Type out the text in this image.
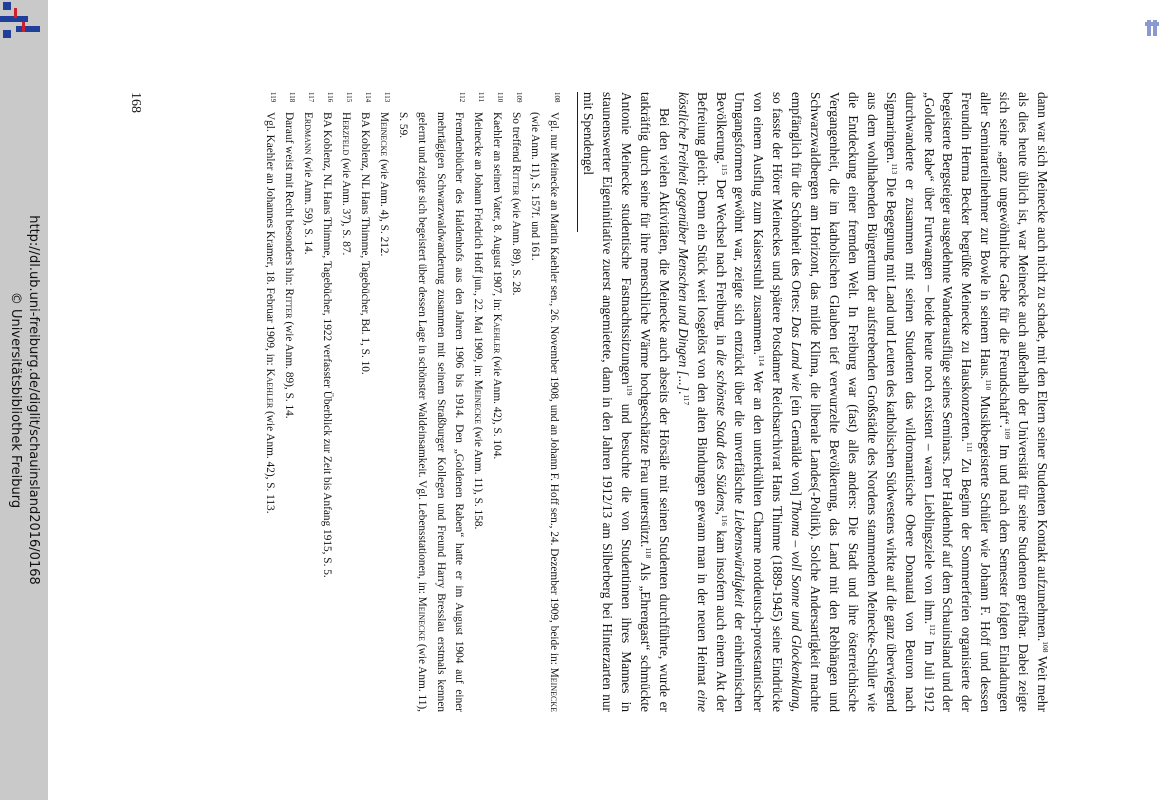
http://dl.ub.uni-freiburg.de/diglit/schauinsland2016/0168
© Universitätsbibliothek Freiburg	dann war sich Meinecke auch nicht zu schade, mit den Eltern seiner Studenten Kontakt aufzunehmen.$^{108}$ Weit mehr als dies heute üblich ist, war Meinecke auch außerhalb der Universität für seine Studenten greifbar. Dabei zeigte sich seine „ganz ungewöhnliche Gabe für die Freundschaft“.$^{109}$ Im und nach dem Semester folgten Einladungen aller Seminarteilnehmer zur Bowle in seinem Haus.$^{110}$ Musikbegeisterte Schüler wie Johann F. Hoff und dessen Freundin Herma Becker begrüßte Meinecke zu Hauskonzerten.$^{111}$ Zu Beginn der Sommerferien organisierte der begeisterte Bergsteiger ausgedehnte Wanderausflüge seines Seminars. Der Haldenhof auf dem Schauinsland und der „Goldene Rabe“ über Furtwangen – beide heute noch existent – waren Lieblingsziele von ihm.$^{112}$ Im Juli 1912 durchwanderte er zusammen mit seinen Studenten das wildromantische Obere Donautal von Beuron nach Sigmaringen.$^{113}$ Die Begegnung mit Land und Leuten des katholischen Südwestens wirkte auf die ganz überwiegend aus dem wohlhabenden Bürgertum der aufstrebenden Großstädte des Nordens stammenden Meinecke-Schüler wie die Entdeckung einer fremden Welt. In Freiburg war (fast) alles anders: Die Stadt und ihre österreichische Vergangenheit, die im katholischen Glauben tief verwurzelte Bevölkerung, das Land mit den Rebhängen und Schwarzwaldbergen am Horizont, das milde Klima, die liberale Landes(-Politik). Solche Andersartigkeit machte empfänglich für die Schönheit des Ortes: Das Land wie [ein Gemälde von] Thoma – voll Sonne und Glockenklang, so fasste der Hörer Meineckes und spätere Potsdamer Reichsarchivrat Hans Thimme (1889-1945) seine Eindrücke von einem Ausflug zum Kaiserstuhl zusammen.$^{114}$ Wer an den unterkühlten Charme norddeutsch-protestantischer Umgangsformen gewöhnt war, zeigte sich entzückt über die unverfälschte Liebenswürdigkeit der einheimischen Bevölkerung.$^{115}$ Der Wechsel nach Freiburg, in die schönste Stadt des Südens,$^{116}$ kam insofern auch einem Akt der Befreiung gleich: Denn ein Stück weit losgelöst von den alten Bindungen gewann man in der neuen Heimat eine köstliche Freiheit gegenüber Menschen und Dingen [...].$^{117}$

Bei den vielen Aktivitäten, die Meinecke auch abseits der Hörsäle mit seinen Studenten durchführte, wurde er tatkräftig durch seine für ihre menschliche Wärme hochgeschätzte Frau unterstützt.$^{118}$ Als „Ehrengast“ schmückte Antonie Meinecke studentische Fastnachtssitzungen$^{119}$ und besuchte die von Studentinnen ihres Mannes in staunenswerter Eigeninitiative zuerst angemietete, dann in den Jahren 1912/13 am Silberberg bei Hinterzarten nur mit Spendengel

108
Vgl. nur Meinecke an Martin Kaehler sen., 26. November 1908, und an Johann F. Hoff sen., 24. Dezember 1909, beide in: Meinecke (wie Anm. 11), S. 157f. und 161.
109
So treffend Ritter (wie Anm. 89), S. 28.
110
Kaehler an seinen Vater, 8. August 1907, in: Kaehler (wie Anm. 42), S. 104.
111
Meinecke an Johann Friedrich Hoff jun., 22. Mai 1909, in: Meinecke (wie Anm. 11), S. 158.
112
Fremdenbücher des Haldenhofs aus den Jahren 1906 bis 1914. Den „Goldenen Raben“ hatte er im August 1904 auf einer mehrtägigen Schwarzwaldwanderung zusammen mit seinem Straßburger Kollegen und Freund Harry Bresslau erstmals kennen gelernt und zeigte sich begeistert über dessen Lage in schönster Waldeinsamkeit. Vgl. Lebensstationen, in: Meinecke (wie Anm. 11), S. 59.
113
Meinecke (wie Anm. 4), S. 212.
114
BA Koblenz, NL Hans Thimme, Tagebücher, Bd. 1, S. 10.
115
Herzfeld (wie Anm. 37), S. 87.
116
BA Koblenz, NL Hans Thimme, Tagebücher, 1922 verfasster Überblick zur Zeit bis Anfang 1915, S. 5.
117
Erdmann (wie Anm. 59), S. 14.
118
Darauf weist mit Recht besonders hin: Ritter (wie Anm. 89), S. 14.
119
Vgl. Kaehler an Johannes Kramer, 18. Februar 1909, in: Kaehler (wie Anm. 42), S. 113.
168
